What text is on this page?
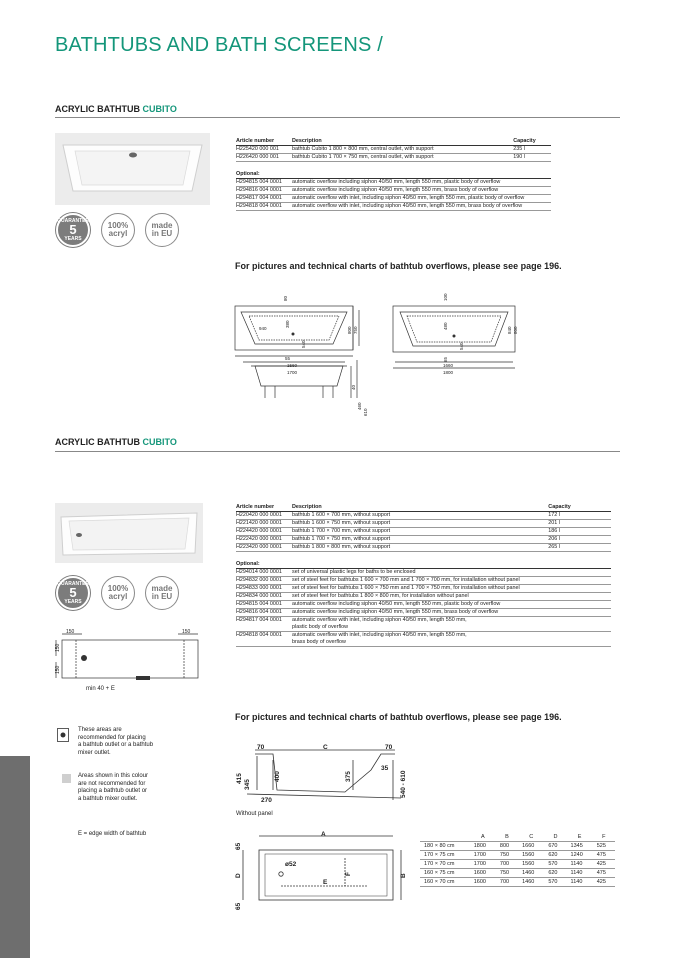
BATHTUBS AND BATH SCREENS /
ACRYLIC BATHTUB CUBITO
GUARANTEE
5
YEARS
100%
acryl
made
in EU
Article number	Description	Capacity
H225420 000 001	bathtub Cubito 1 800 × 800 mm, central outlet, with support	235 l
H226420 000 001	bathtub Cubito 1 700 × 750 mm, central outlet, with support	190 l

Optional:		
H294815 004 0001	automatic overflow including siphon 40/50 mm, length 550 mm, plastic body of overflow	
H294816 004 0001	automatic overflow including siphon 40/50 mm, length 550 mm, brass body of overflow	
H294817 004 0001	automatic overflow with inlet, including siphon 40/50 mm, length 550 mm, plastic body of overflow	
H294818 004 0001	automatic overflow with inlet, including siphon 40/50 mm, length 550 mm, brass body of overflow	
For pictures and technical charts of bathtub overflows, please see page 196.
80
940
380
540
800 750
55
1560
1700
100
480
540
840 800
65
1660
1800
40
460
610
ACRYLIC BATHTUB CUBITO
GUARANTEE
5
YEARS
100%
acryl
made
in EU
Article number	Description	Capacity
H220420 000 0001	bathtub 1 600 × 700 mm, without support	172 l
H221420 000 0001	bathtub 1 600 × 750 mm, without support	201 l
H224420 000 0001	bathtub 1 700 × 700 mm, without support	186 l
H222420 000 0001	bathtub 1 700 × 750 mm, without support	206 l
H223420 000 0001	bathtub 1 800 × 800 mm, without support	265 l

Optional:		
H294014 000 0001	set of universal plastic legs for baths to be enclosed	
H294832 000 0001	set of steel feet for bathtubs 1 600 × 700 mm and 1 700 × 700 mm, for installation without panel	
H294833 000 0001	set of steel feet for bathtubs 1 600 × 750 mm and 1 700 × 750 mm, for installation without panel	
H294834 000 0001	set of steel feet for bathtubs 1 800 × 800 mm, for installation without panel	
H294815 004 0001	automatic overflow including siphon 40/50 mm, length 550 mm, plastic body of overflow	
H294816 004 0001	automatic overflow including siphon 40/50 mm, length 550 mm, brass body of overflow	
H294817 004 0001	automatic overflow with inlet, including siphon 40/50 mm, length 550 mm,
plastic body of overflow	

H294818 004 0001	automatic overflow with inlet, including siphon 40/50 mm, length 550 mm,
brass body of overflow	
150	150
150
150
min 40 + E
These areas are
recommended for placing
a bathtub outlet or a bathtub
mixer outlet.
Areas shown in this colour
are not recommended for
placing a bathtub outlet or
a bathtub mixer outlet.
E = edge width of bathtub
For pictures and technical charts of bathtub overflows, please see page 196.
70	C	70
415
345
400	375
35
540 - 610
270
Without panel
A
B
D
E
F
65
65
ø52
	A	B	C	D	E	F
180 × 80 cm	1800	800	1660	670	1345	525
170 × 75 cm	1700	750	1560	620	1240	475
170 × 70 cm	1700	700	1560	570	1140	425
160 × 75 cm	1600	750	1460	620	1140	475
160 × 70 cm	1600	700	1460	570	1140	425
